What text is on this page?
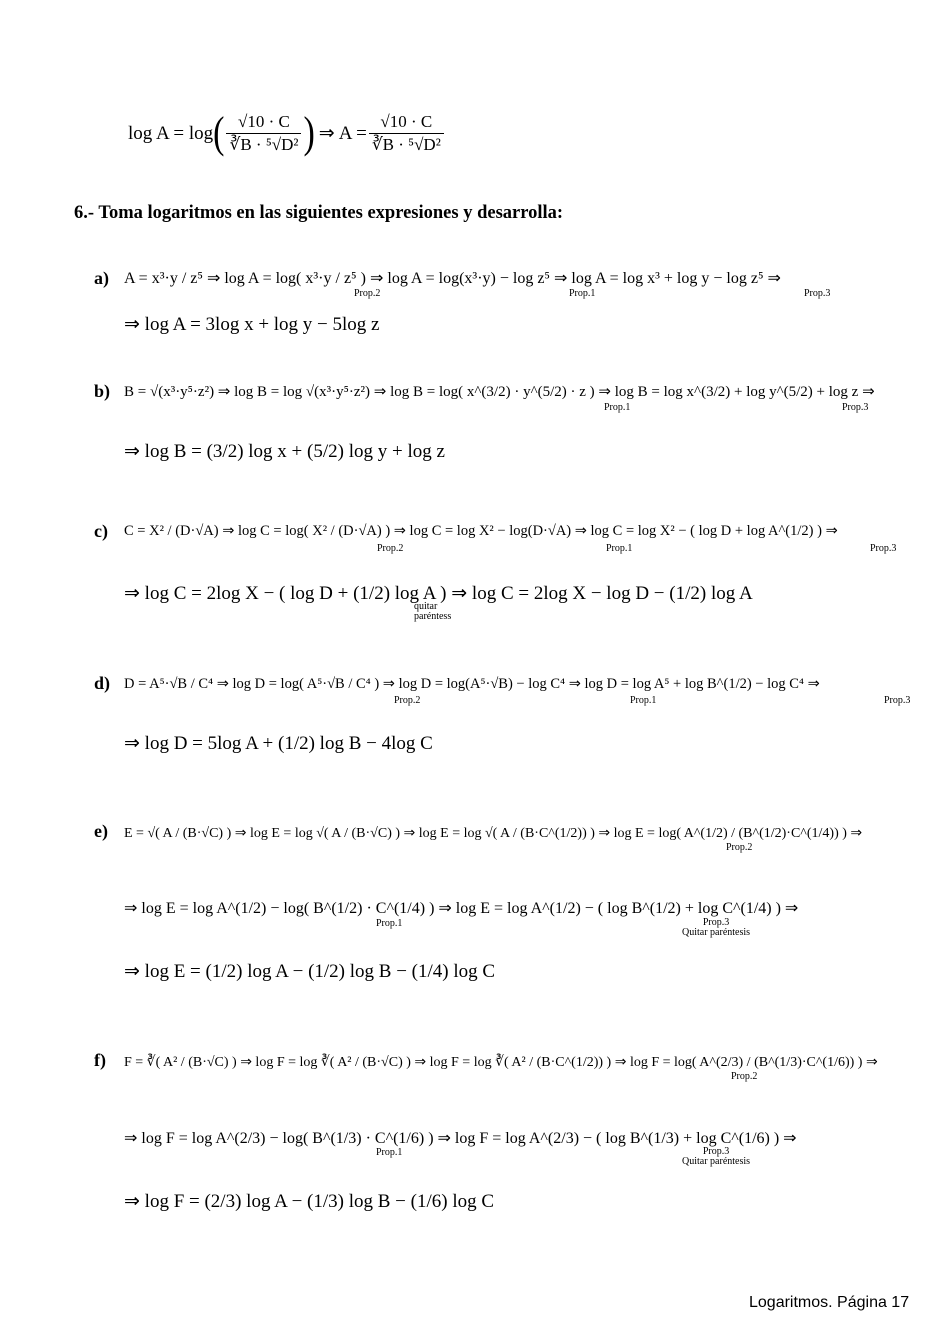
log A = log ( $\frac{√10 \cdot C}{\text{∛B · ⁵√D²}}$ ) ⇒ $A = \frac{√10 \cdot C}{\text{∛B · ⁵√D²}}$
6.- Toma logaritmos en las siguientes expresiones y desarrolla:
a) A = x³·y / z⁵ ⇒ log A = log( x³·y / z⁵ ) ⇒ log A = log(x³·y) − log z⁵ ⇒ log A = log x³ + log y − log z⁵ ⇒
Prop.2	Prop.1	Prop.3
⇒ log A = 3log x + log y − 5log z
b) B = √(x³·y⁵·z²) ⇒ log B = log √(x³·y⁵·z²) ⇒ log B = log( x^(3/2) · y^(5/2) · z ) ⇒ log B = log x^(3/2) + log y^(5/2) + log z ⇒
Prop.1	Prop.3
⇒ log B = (3/2) log x + (5/2) log y + log z
c) C = X² / (D·√A) ⇒ log C = log( X² / (D·√A) ) ⇒ log C = log X² − log(D·√A) ⇒ log C = log X² − ( log D + log A^(1/2) ) ⇒
Prop.2	Prop.1	Prop.3
⇒ log C = 2log X − ( log D + (1/2) log A ) ⇒ log C = 2log X − log D − (1/2) log A
quitar
paréntess
d) D = A⁵·√B / C⁴ ⇒ log D = log( A⁵·√B / C⁴ ) ⇒ log D = log(A⁵·√B) − log C⁴ ⇒ log D = log A⁵ + log B^(1/2) − log C⁴ ⇒
Prop.2	Prop.1	Prop.3
⇒ log D = 5log A + (1/2) log B − 4log C
e) E = √( A / (B·√C) ) ⇒ log E = log √( A / (B·√C) ) ⇒ log E = log √( A / (B·C^(1/2)) ) ⇒ log E = log( A^(1/2) / (B^(1/2)·C^(1/4)) ) ⇒
Prop.2
⇒ log E = log A^(1/2) − log( B^(1/2) · C^(1/4) ) ⇒ log E = log A^(1/2) − ( log B^(1/2) + log C^(1/4) ) ⇒
Prop.1	Prop.3
Quitar paréntesis
⇒ log E = (1/2) log A − (1/2) log B − (1/4) log C
f) F = ∛( A² / (B·√C) ) ⇒ log F = log ∛( A² / (B·√C) ) ⇒ log F = log ∛( A² / (B·C^(1/2)) ) ⇒ log F = log( A^(2/3) / (B^(1/3)·C^(1/6)) ) ⇒
Prop.2
⇒ log F = log A^(2/3) − log( B^(1/3) · C^(1/6) ) ⇒ log F = log A^(2/3) − ( log B^(1/3) + log C^(1/6) ) ⇒
Prop.1	Prop.3
Quitar paréntesis
⇒ log F = (2/3) log A − (1/3) log B − (1/6) log C
Logaritmos. Página 17
